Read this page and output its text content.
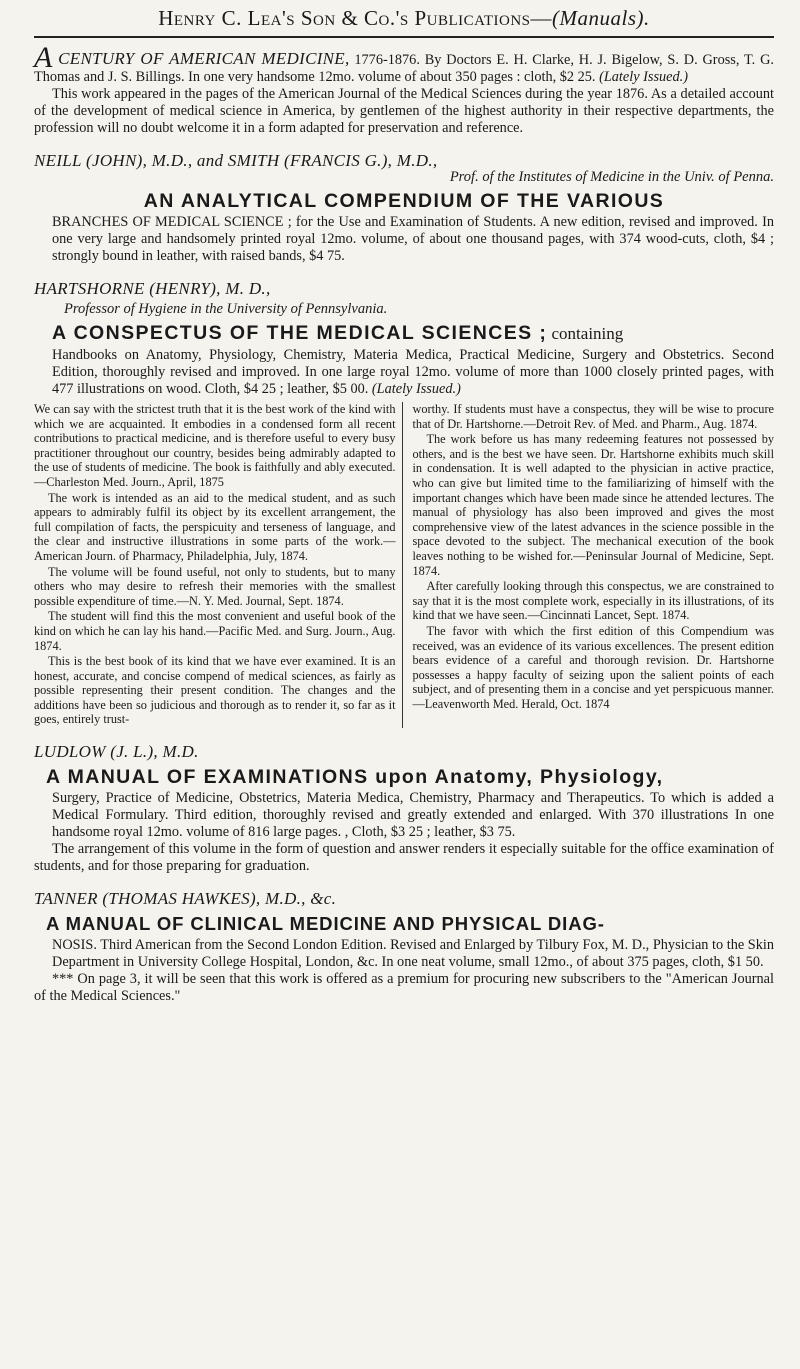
Henry C. Lea's Son & Co.'s Publications—(Manuals).

A CENTURY OF AMERICAN MEDICINE, 1776-1876. By Doctors E. H. Clarke, H. J. Bigelow, S. D. Gross, T. G. Thomas and J. S. Billings. In one very handsome 12mo. volume of about 350 pages : cloth, $2 25. (Lately Issued.)

This work appeared in the pages of the American Journal of the Medical Sciences during the year 1876. As a detailed account of the development of medical science in America, by gentlemen of the highest authority in their respective departments, the profession will no doubt welcome it in a form adapted for preservation and reference.

NEILL (JOHN), M.D., and SMITH (FRANCIS G.), M.D.,
Prof. of the Institutes of Medicine in the Univ. of Penna.
AN ANALYTICAL COMPENDIUM OF THE VARIOUS

BRANCHES OF MEDICAL SCIENCE ; for the Use and Examination of Students. A new edition, revised and improved. In one very large and handsomely printed royal 12mo. volume, of about one thousand pages, with 374 wood-cuts, cloth, $4 ; strongly bound in leather, with raised bands, $4 75.

HARTSHORNE (HENRY), M. D.,
Professor of Hygiene in the University of Pennsylvania.
A CONSPECTUS OF THE MEDICAL SCIENCES ; containing

Handbooks on Anatomy, Physiology, Chemistry, Materia Medica, Practical Medicine, Surgery and Obstetrics. Second Edition, thoroughly revised and improved. In one large royal 12mo. volume of more than 1000 closely printed pages, with 477 illustrations on wood. Cloth, $4 25 ; leather, $5 00. (Lately Issued.)

We can say with the strictest truth that it is the best work of the kind with which we are acquainted. It embodies in a condensed form all recent contributions to practical medicine, and is therefore useful to every busy practitioner throughout our country, besides being admirably adapted to the use of students of medicine. The book is faithfully and ably executed.—Charleston Med. Journ., April, 1875

The work is intended as an aid to the medical student, and as such appears to admirably fulfil its object by its excellent arrangement, the full compilation of facts, the perspicuity and terseness of language, and the clear and instructive illustrations in some parts of the work.—American Journ. of Pharmacy, Philadelphia, July, 1874.

The volume will be found useful, not only to students, but to many others who may desire to refresh their memories with the smallest possible expenditure of time.—N. Y. Med. Journal, Sept. 1874.

The student will find this the most convenient and useful book of the kind on which he can lay his hand.—Pacific Med. and Surg. Journ., Aug. 1874.

This is the best book of its kind that we have ever examined. It is an honest, accurate, and concise compend of medical sciences, as fairly as possible representing their present condition. The changes and the additions have been so judicious and thorough as to render it, so far as it goes, entirely trust-

worthy. If students must have a conspectus, they will be wise to procure that of Dr. Hartshorne.—Detroit Rev. of Med. and Pharm., Aug. 1874.

The work before us has many redeeming features not possessed by others, and is the best we have seen. Dr. Hartshorne exhibits much skill in condensation. It is well adapted to the physician in active practice, who can give but limited time to the familiarizing of himself with the important changes which have been made since he attended lectures. The manual of physiology has also been improved and gives the most comprehensive view of the latest advances in the science possible in the space devoted to the subject. The mechanical execution of the book leaves nothing to be wished for.—Peninsular Journal of Medicine, Sept. 1874.

After carefully looking through this conspectus, we are constrained to say that it is the most complete work, especially in its illustrations, of its kind that we have seen.—Cincinnati Lancet, Sept. 1874.

The favor with which the first edition of this Compendium was received, was an evidence of its various excellences. The present edition bears evidence of a careful and thorough revision. Dr. Hartshorne possesses a happy faculty of seizing upon the salient points of each subject, and of presenting them in a concise and yet perspicuous manner.—Leavenworth Med. Herald, Oct. 1874

LUDLOW (J. L.), M.D.
A MANUAL OF EXAMINATIONS upon Anatomy, Physiology,

Surgery, Practice of Medicine, Obstetrics, Materia Medica, Chemistry, Pharmacy and Therapeutics. To which is added a Medical Formulary. Third edition, thoroughly revised and greatly extended and enlarged. With 370 illustrations In one handsome royal 12mo. volume of 816 large pages. , Cloth, $3 25 ; leather, $3 75.

The arrangement of this volume in the form of question and answer renders it especially suitable for the office examination of students, and for those preparing for graduation.

TANNER (THOMAS HAWKES), M.D., &c.
A MANUAL OF CLINICAL MEDICINE AND PHYSICAL DIAG-

NOSIS. Third American from the Second London Edition. Revised and Enlarged by Tilbury Fox, M. D., Physician to the Skin Department in University College Hospital, London, &c. In one neat volume, small 12mo., of about 375 pages, cloth, $1 50.

*** On page 3, it will be seen that this work is offered as a premium for procuring new subscribers to the "American Journal of the Medical Sciences."
